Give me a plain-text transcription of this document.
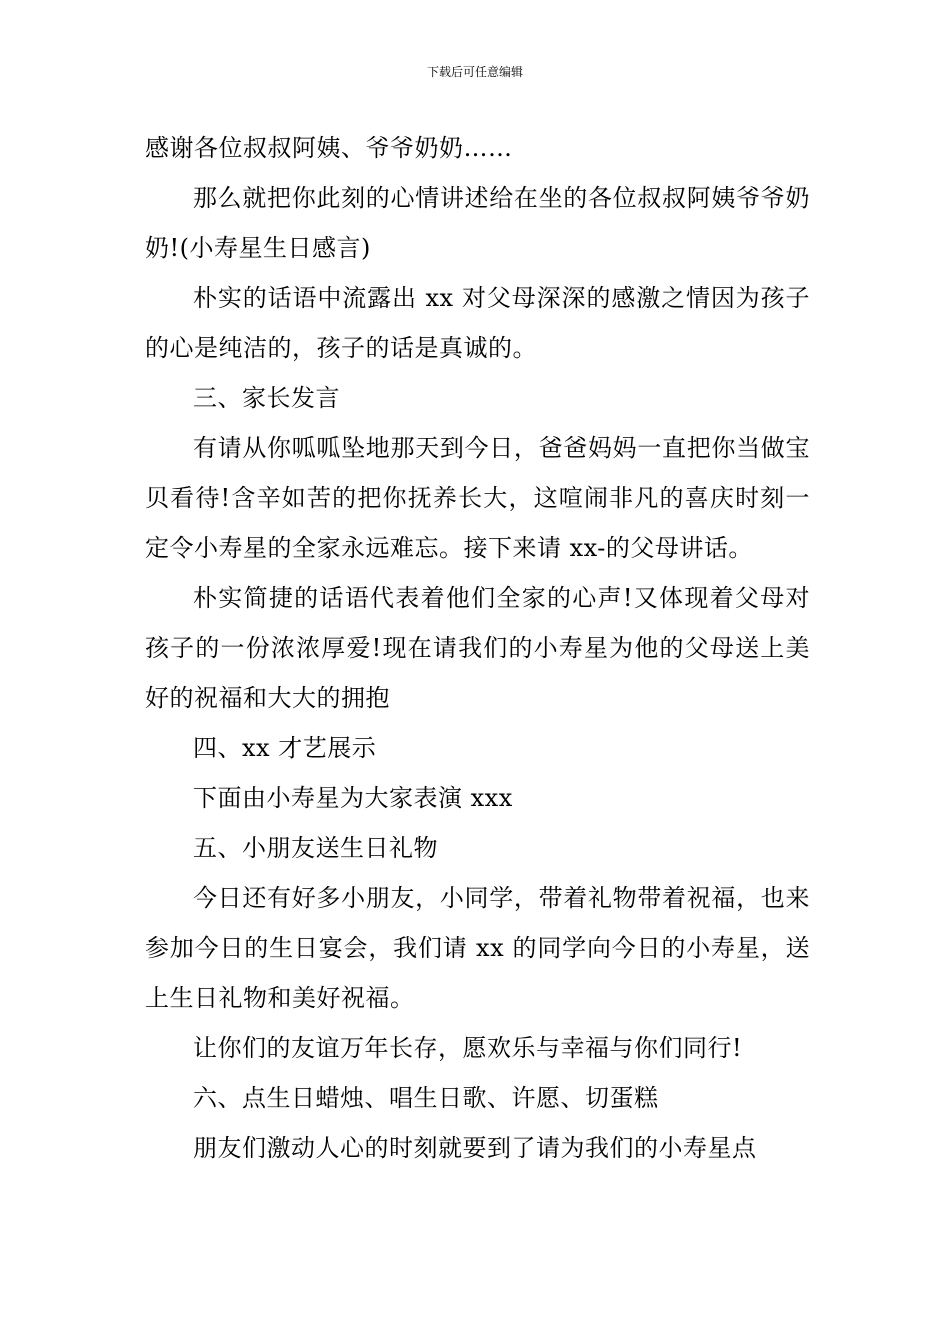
下载后可任意编辑

感谢各位叔叔阿姨、爷爷奶奶……

那么就把你此刻的心情讲述给在坐的各位叔叔阿姨爷爷奶奶!(小寿星生日感言)

朴实的话语中流露出 xx 对父母深深的感激之情因为孩子的心是纯洁的，孩子的话是真诚的。

三、家长发言

有请从你呱呱坠地那天到今日，爸爸妈妈一直把你当做宝贝看待!含辛如苦的把你抚养长大，这喧闹非凡的喜庆时刻一定令小寿星的全家永远难忘。接下来请 xx-的父母讲话。

朴实简捷的话语代表着他们全家的心声!又体现着父母对孩子的一份浓浓厚爱!现在请我们的小寿星为他的父母送上美好的祝福和大大的拥抱

四、xx 才艺展示

下面由小寿星为大家表演 xxx

五、小朋友送生日礼物

今日还有好多小朋友，小同学，带着礼物带着祝福，也来参加今日的生日宴会，我们请 xx 的同学向今日的小寿星，送上生日礼物和美好祝福。

让你们的友谊万年长存，愿欢乐与幸福与你们同行!

六、点生日蜡烛、唱生日歌、许愿、切蛋糕

朋友们激动人心的时刻就要到了请为我们的小寿星点
